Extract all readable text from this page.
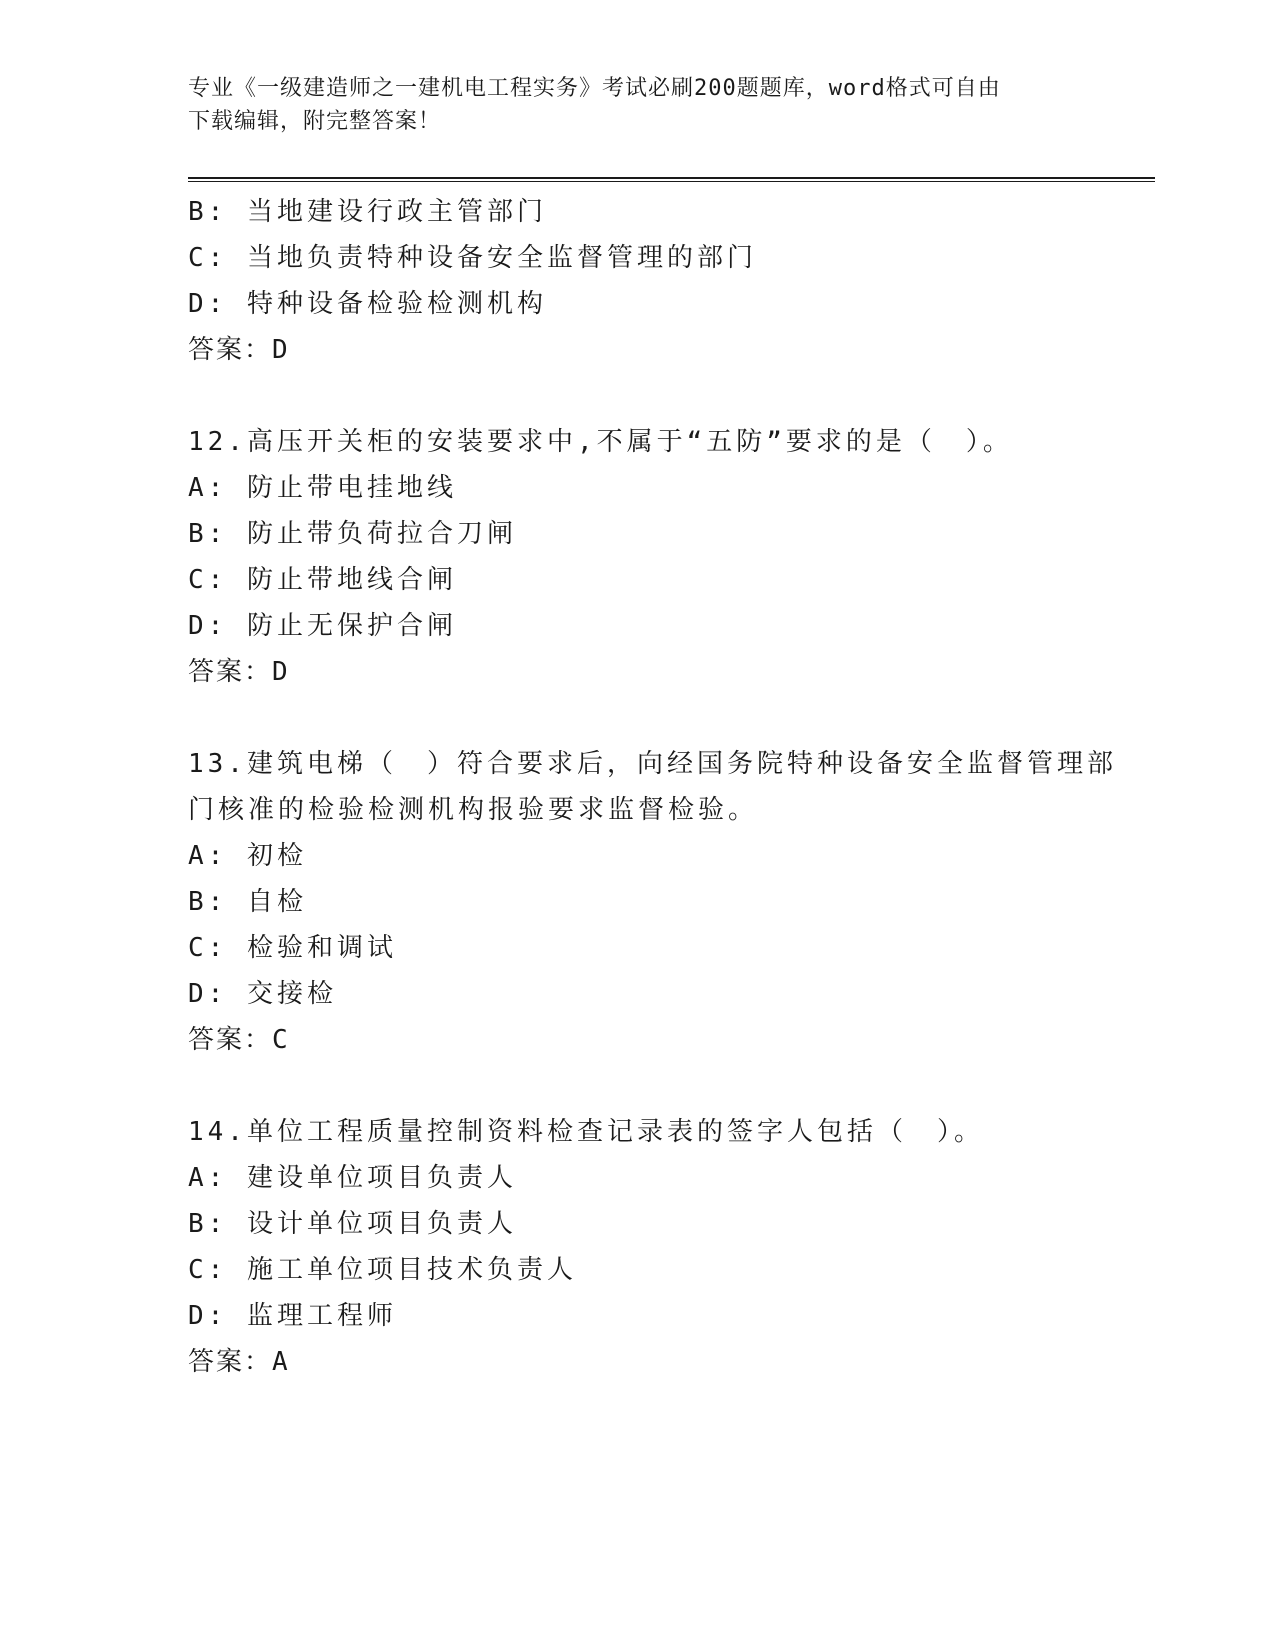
专业《一级建造师之一建机电工程实务》考试必刷200题题库，word格式可自由
下载编辑，附完整答案！
B: 当地建设行政主管部门
C: 当地负责特种设备安全监督管理的部门
D: 特种设备检验检测机构
答案：D
12.高压开关柜的安装要求中,不属于“五防”要求的是（　）。
A: 防止带电挂地线
B: 防止带负荷拉合刀闸
C: 防止带地线合闸
D: 防止无保护合闸
答案：D
13.建筑电梯（　）符合要求后，向经国务院特种设备安全监督管理部
门核准的检验检测机构报验要求监督检验。
A: 初检
B: 自检
C: 检验和调试
D: 交接检
答案：C
14.单位工程质量控制资料检查记录表的签字人包括（　）。
A: 建设单位项目负责人
B: 设计单位项目负责人
C: 施工单位项目技术负责人
D: 监理工程师
答案：A
